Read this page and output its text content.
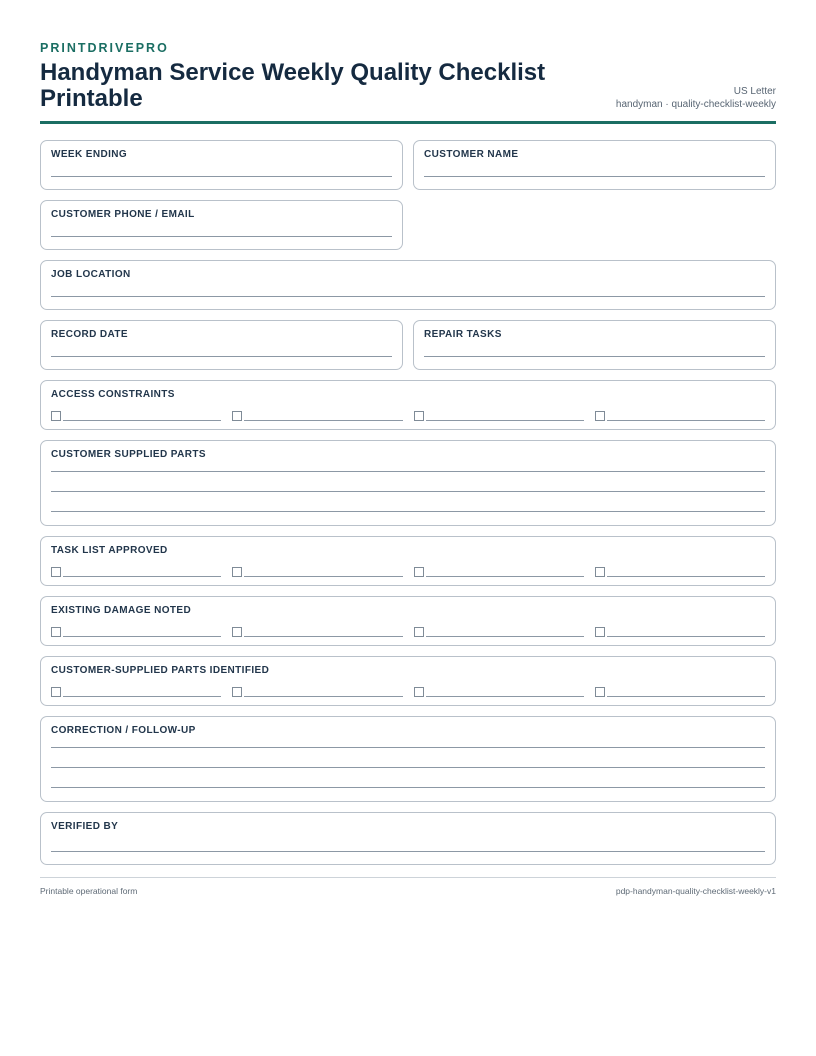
PRINTDRIVEPRO
Handyman Service Weekly Quality Checklist Printable	US Letter
handyman · quality-checklist-weekly
WEEK ENDING	CUSTOMER NAME
CUSTOMER PHONE / EMAIL
JOB LOCATION
RECORD DATE	REPAIR TASKS
ACCESS CONSTRAINTS
CUSTOMER SUPPLIED PARTS
TASK LIST APPROVED
EXISTING DAMAGE NOTED
CUSTOMER-SUPPLIED PARTS IDENTIFIED
CORRECTION / FOLLOW-UP
VERIFIED BY
Printable operational form	pdp-handyman-quality-checklist-weekly-v1
